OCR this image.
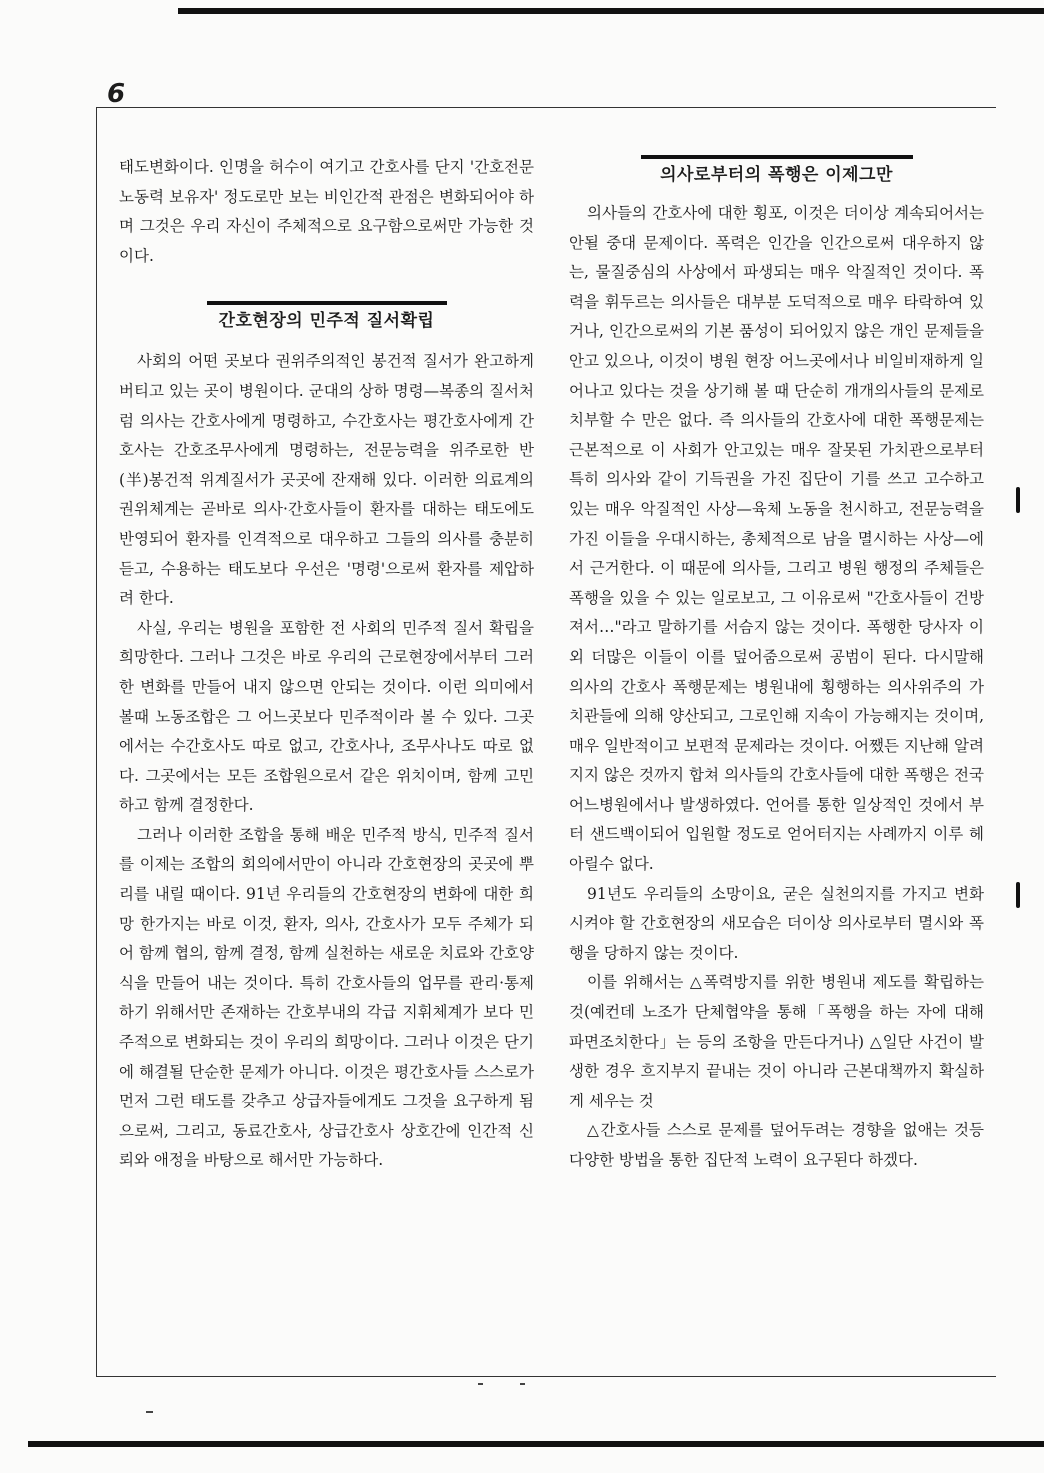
6

태도변화이다. 인명을 허수이 여기고 간호사를 단지 '간호전문 노동력 보유자' 정도로만 보는 비인간적 관점은 변화되어야 하며 그것은 우리 자신이 주체적으로 요구함으로써만 가능한 것이다.

간호현장의 민주적 질서확립

사회의 어떤 곳보다 권위주의적인 봉건적 질서가 완고하게 버티고 있는 곳이 병원이다. 군대의 상하 명령—복종의 질서처럼 의사는 간호사에게 명령하고, 수간호사는 평간호사에게 간호사는 간호조무사에게 명령하는, 전문능력을 위주로한 반(半)봉건적 위계질서가 곳곳에 잔재해 있다. 이러한 의료계의 권위체계는 곧바로 의사·간호사들이 환자를 대하는 태도에도 반영되어 환자를 인격적으로 대우하고 그들의 의사를 충분히 듣고, 수용하는 태도보다 우선은 '명령'으로써 환자를 제압하려 한다.

사실, 우리는 병원을 포함한 전 사회의 민주적 질서 확립을 희망한다. 그러나 그것은 바로 우리의 근로현장에서부터 그러한 변화를 만들어 내지 않으면 안되는 것이다. 이런 의미에서 볼때 노동조합은 그 어느곳보다 민주적이라 볼 수 있다. 그곳에서는 수간호사도 따로 없고, 간호사나, 조무사나도 따로 없다. 그곳에서는 모든 조합원으로서 같은 위치이며, 함께 고민하고 함께 결정한다.

그러나 이러한 조합을 통해 배운 민주적 방식, 민주적 질서를 이제는 조합의 회의에서만이 아니라 간호현장의 곳곳에 뿌리를 내릴 때이다. 91년 우리들의 간호현장의 변화에 대한 희망 한가지는 바로 이것, 환자, 의사, 간호사가 모두 주체가 되어 함께 협의, 함께 결정, 함께 실천하는 새로운 치료와 간호양식을 만들어 내는 것이다. 특히 간호사들의 업무를 관리·통제하기 위해서만 존재하는 간호부내의 각급 지휘체계가 보다 민주적으로 변화되는 것이 우리의 희망이다. 그러나 이것은 단기에 해결될 단순한 문제가 아니다. 이것은 평간호사들 스스로가 먼저 그런 태도를 갖추고 상급자들에게도 그것을 요구하게 됨으로써, 그리고, 동료간호사, 상급간호사 상호간에 인간적 신뢰와 애정을 바탕으로 해서만 가능하다.

의사로부터의 폭행은 이제그만

의사들의 간호사에 대한 횡포, 이것은 더이상 계속되어서는 안될 중대 문제이다. 폭력은 인간을 인간으로써 대우하지 않는, 물질중심의 사상에서 파생되는 매우 악질적인 것이다. 폭력을 휘두르는 의사들은 대부분 도덕적으로 매우 타락하여 있거나, 인간으로써의 기본 품성이 되어있지 않은 개인 문제들을 안고 있으나, 이것이 병원 현장 어느곳에서나 비일비재하게 일어나고 있다는 것을 상기해 볼 때 단순히 개개의사들의 문제로 치부할 수 만은 없다. 즉 의사들의 간호사에 대한 폭행문제는 근본적으로 이 사회가 안고있는 매우 잘못된 가치관으로부터 특히 의사와 같이 기득권을 가진 집단이 기를 쓰고 고수하고 있는 매우 악질적인 사상—육체 노동을 천시하고, 전문능력을 가진 이들을 우대시하는, 총체적으로 남을 멸시하는 사상—에서 근거한다. 이 때문에 의사들, 그리고 병원 행정의 주체들은 폭행을 있을 수 있는 일로보고, 그 이유로써 "간호사들이 건방져서…"라고 말하기를 서슴지 않는 것이다. 폭행한 당사자 이외 더많은 이들이 이를 덮어줌으로써 공범이 된다. 다시말해 의사의 간호사 폭행문제는 병원내에 횡행하는 의사위주의 가치관들에 의해 양산되고, 그로인해 지속이 가능해지는 것이며, 매우 일반적이고 보편적 문제라는 것이다. 어쨌든 지난해 알려지지 않은 것까지 합쳐 의사들의 간호사들에 대한 폭행은 전국 어느병원에서나 발생하였다. 언어를 통한 일상적인 것에서 부터 샌드백이되어 입원할 정도로 얻어터지는 사례까지 이루 헤아릴수 없다.

91년도 우리들의 소망이요, 굳은 실천의지를 가지고 변화시켜야 할 간호현장의 새모습은 더이상 의사로부터 멸시와 폭행을 당하지 않는 것이다.

이를 위해서는 △폭력방지를 위한 병원내 제도를 확립하는 것(예컨데 노조가 단체협약을 통해「폭행을 하는 자에 대해 파면조치한다」는 등의 조항을 만든다거나) △일단 사건이 발생한 경우 흐지부지 끝내는 것이 아니라 근본대책까지 확실하게 세우는 것

△간호사들 스스로 문제를 덮어두려는 경향을 없애는 것등 다양한 방법을 통한 집단적 노력이 요구된다 하겠다.
